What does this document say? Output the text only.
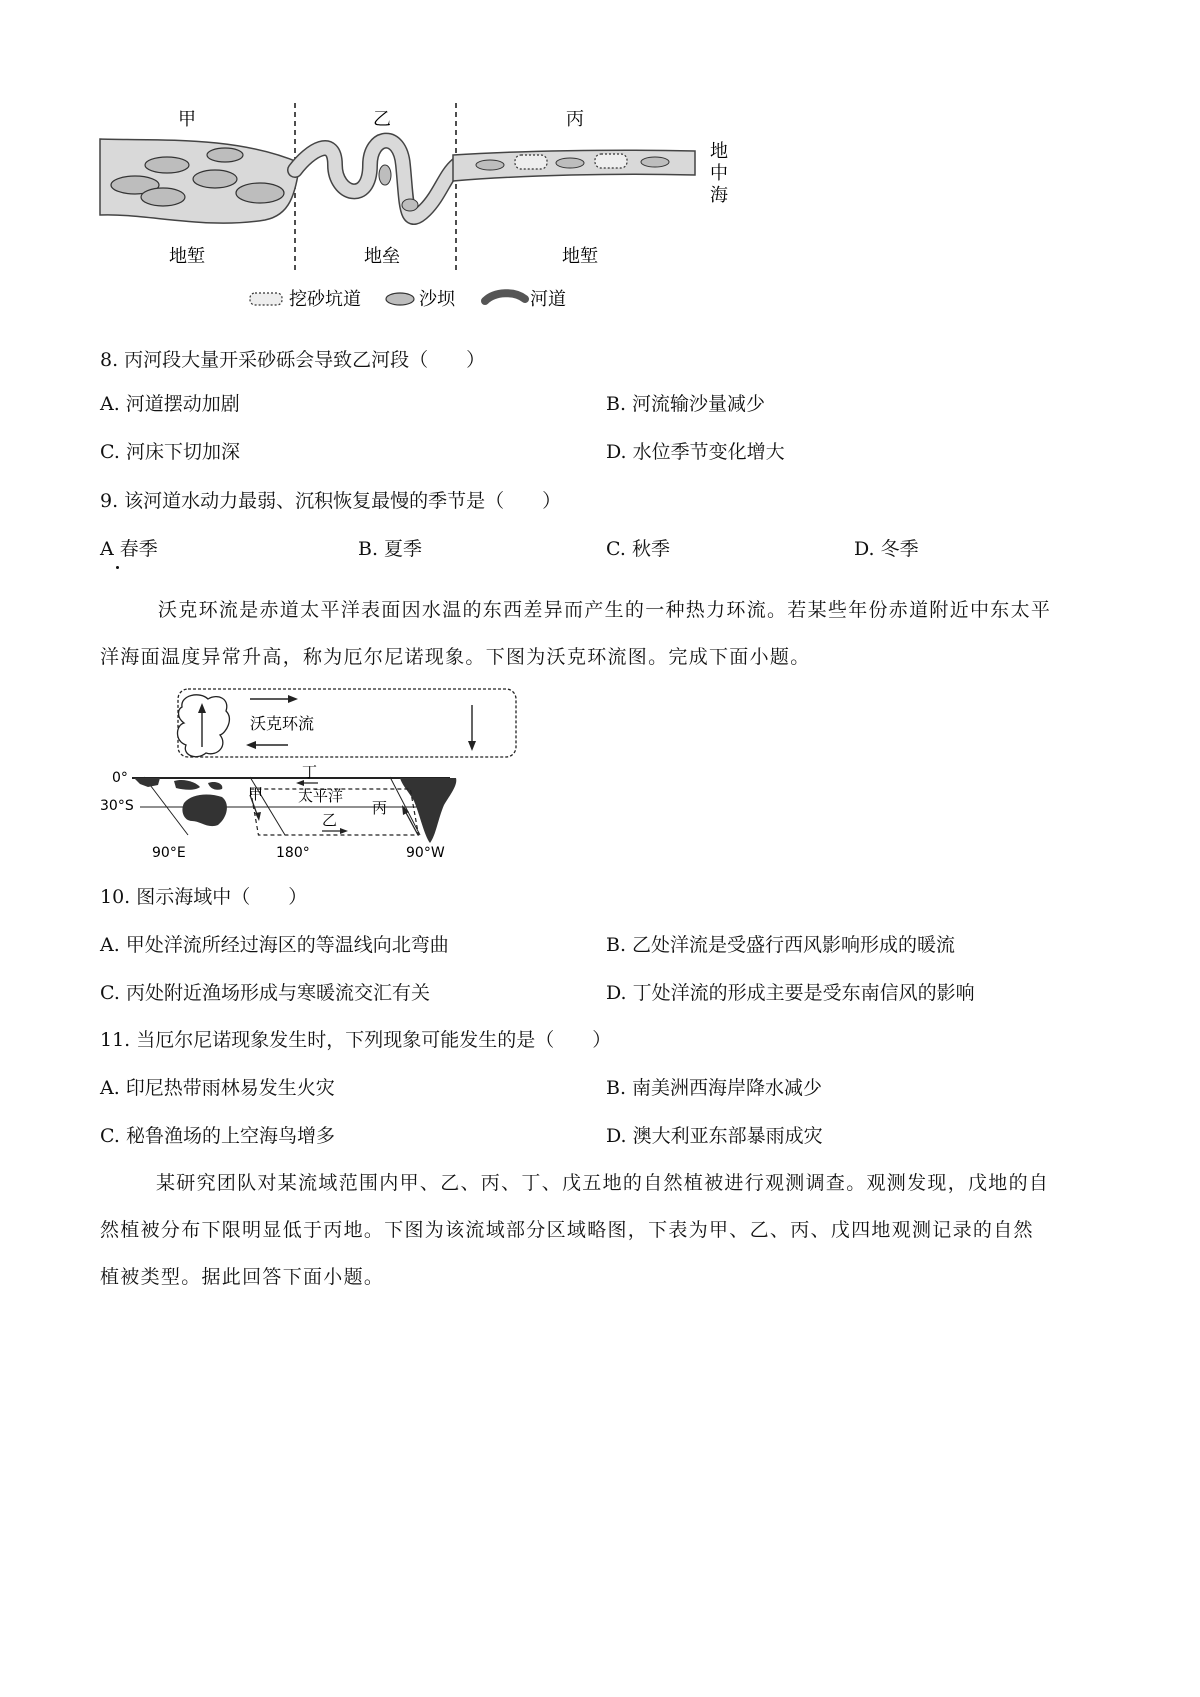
甲	乙	丙
地
中
海
地堑	地垒	地堑
挖砂坑道	沙坝	河道
8. 丙河段大量开采砂砾会导致乙河段（　　）
A. 河道摆动加剧	B. 河流输沙量减少
C. 河床下切加深	D. 水位季节变化增大
9. 该河道水动力最弱、沉积恢复最慢的季节是（　　）
A 春季	B. 夏季	C. 秋季	D. 冬季
沃克环流是赤道太平洋表面因水温的东西差异而产生的一种热力环流。若某些年份赤道附近中东太平
洋海面温度异常升高，称为厄尔尼诺现象。下图为沃克环流图。完成下面小题。
沃克环流
0°
30°S
甲 太平洋
乙
丙
丁
90°E	180°	90°W
10. 图示海域中（　　）
A. 甲处洋流所经过海区的等温线向北弯曲	B. 乙处洋流是受盛行西风影响形成的暖流
C. 丙处附近渔场形成与寒暖流交汇有关	D. 丁处洋流的形成主要是受东南信风的影响
11. 当厄尔尼诺现象发生时，下列现象可能发生的是（　　）
A. 印尼热带雨林易发生火灾	B. 南美洲西海岸降水减少
C. 秘鲁渔场的上空海鸟增多	D. 澳大利亚东部暴雨成灾
某研究团队对某流域范围内甲、乙、丙、丁、戊五地的自然植被进行观测调查。观测发现，戊地的自
然植被分布下限明显低于丙地。下图为该流域部分区域略图，下表为甲、乙、丙、戊四地观测记录的自然
植被类型。据此回答下面小题。
